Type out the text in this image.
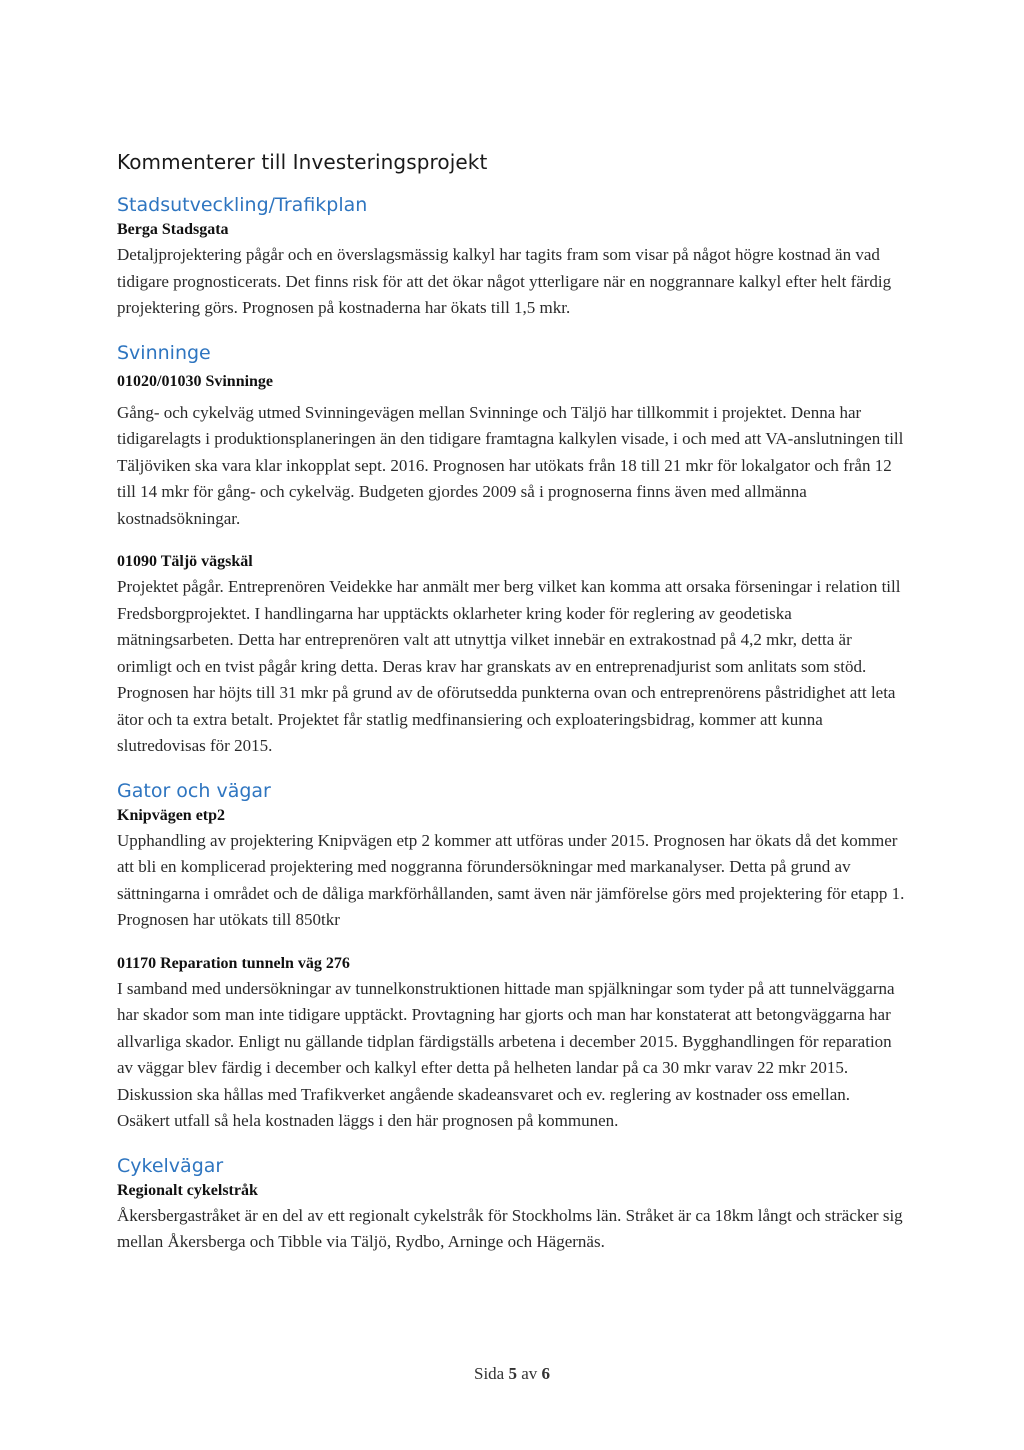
Kommenterer till Investeringsprojekt
Stadsutveckling/Trafikplan
Berga Stadsgata

Detaljprojektering pågår och en överslagsmässig kalkyl har tagits fram som visar på något högre kostnad än vad tidigare prognosticerats. Det finns risk för att det ökar något ytterligare när en noggrannare kalkyl efter helt färdig projektering görs. Prognosen på kostnaderna har ökats till 1,5 mkr.

Svinninge
01020/01030 Svinninge

Gång- och cykelväg utmed Svinningevägen mellan Svinninge och Täljö har tillkommit i projektet. Denna har tidigarelagts i produktionsplaneringen än den tidigare framtagna kalkylen visade, i och med att VA-anslutningen till Täljöviken ska vara klar inkopplat sept. 2016. Prognosen har utökats från 18 till 21 mkr för lokalgator och från 12 till 14 mkr för gång- och cykelväg. Budgeten gjordes 2009 så i prognoserna finns även med allmänna kostnadsökningar.

01090 Täljö vägskäl

Projektet pågår. Entreprenören Veidekke har anmält mer berg vilket kan komma att orsaka förseningar i relation till Fredsborgprojektet. I handlingarna har upptäckts oklarheter kring koder för reglering av geodetiska mätningsarbeten. Detta har entreprenören valt att utnyttja vilket innebär en extrakostnad på 4,2 mkr, detta är orimligt och en tvist pågår kring detta. Deras krav har granskats av en entreprenadjurist som anlitats som stöd. Prognosen har höjts till 31 mkr på grund av de oförutsedda punkterna ovan och entreprenörens påstridighet att leta ätor och ta extra betalt. Projektet får statlig medfinansiering och exploateringsbidrag, kommer att kunna slutredovisas för 2015.

Gator och vägar
Knipvägen etp2

Upphandling av projektering Knipvägen etp 2 kommer att utföras under 2015. Prognosen har ökats då det kommer att bli en komplicerad projektering med noggranna förundersökningar med markanalyser. Detta på grund av sättningarna i området och de dåliga markförhållanden, samt även när jämförelse görs med projektering för etapp 1. Prognosen har utökats till 850tkr

01170 Reparation tunneln väg 276

I samband med undersökningar av tunnelkonstruktionen hittade man spjälkningar som tyder på att tunnelväggarna har skador som man inte tidigare upptäckt. Provtagning har gjorts och man har konstaterat att betongväggarna har allvarliga skador. Enligt nu gällande tidplan färdigställs arbetena i december 2015. Bygghandlingen för reparation av väggar blev färdig i december och kalkyl efter detta på helheten landar på ca 30 mkr varav 22 mkr 2015. Diskussion ska hållas med Trafikverket angående skadeansvaret och ev. reglering av kostnader oss emellan. Osäkert utfall så hela kostnaden läggs i den här prognosen på kommunen.

Cykelvägar
Regionalt cykelstråk

Åkersbergastråket är en del av ett regionalt cykelstråk för Stockholms län. Stråket är ca 18km långt och sträcker sig mellan Åkersberga och Tibble via Täljö, Rydbo, Arninge och Hägernäs.

Sida 5 av 6
